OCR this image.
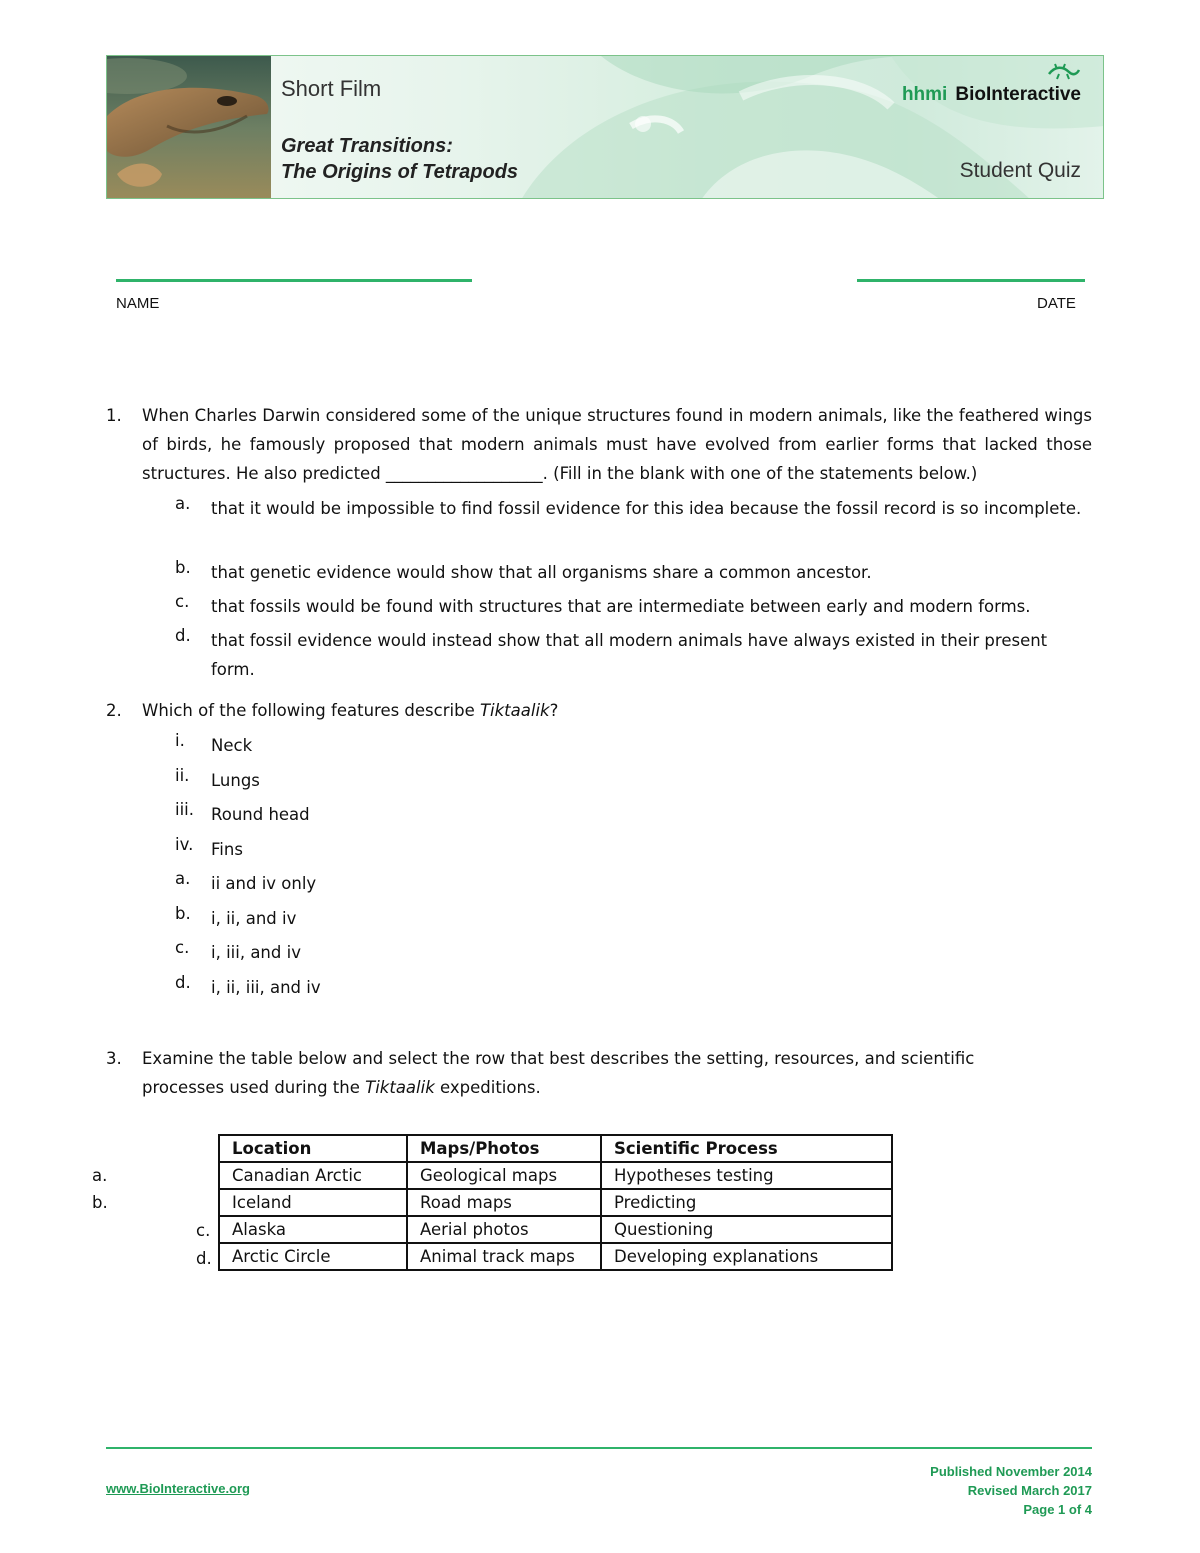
Short Film
Great Transitions:
The Origins of Tetrapods
hhmi BioInteractive
Student Quiz
NAME	DATE
1. When Charles Darwin considered some of the unique structures found in modern animals, like the feathered wings of birds, he famously proposed that modern animals must have evolved from earlier forms that lacked those structures. He also predicted ___________________. (Fill in the blank with one of the statements below.)
a.	that it would be impossible to find fossil evidence for this idea because the fossil record is so incomplete.
b.	that genetic evidence would show that all organisms share a common ancestor.
c.	that fossils would be found with structures that are intermediate between early and modern forms.
d.	that fossil evidence would instead show that all modern animals have always existed in their present form.
2. Which of the following features describe Tiktaalik?
i.	Neck
ii.	Lungs
iii.	Round head
iv.	Fins
a.	ii and iv only
b.	i, ii, and iv
c.	i, iii, and iv
d.	i, ii, iii, and iv
3. Examine the table below and select the row that best describes the setting, resources, and scientific processes used during the Tiktaalik expeditions.
a.
b.
c.
d.
Location	Maps/Photos	Scientific Process
Canadian Arctic	Geological maps	Hypotheses testing
Iceland	Road maps	Predicting
Alaska	Aerial photos	Questioning
Arctic Circle	Animal track maps	Developing explanations
www.BioInteractive.org
Published November 2014
Revised March 2017
Page 1 of 4
